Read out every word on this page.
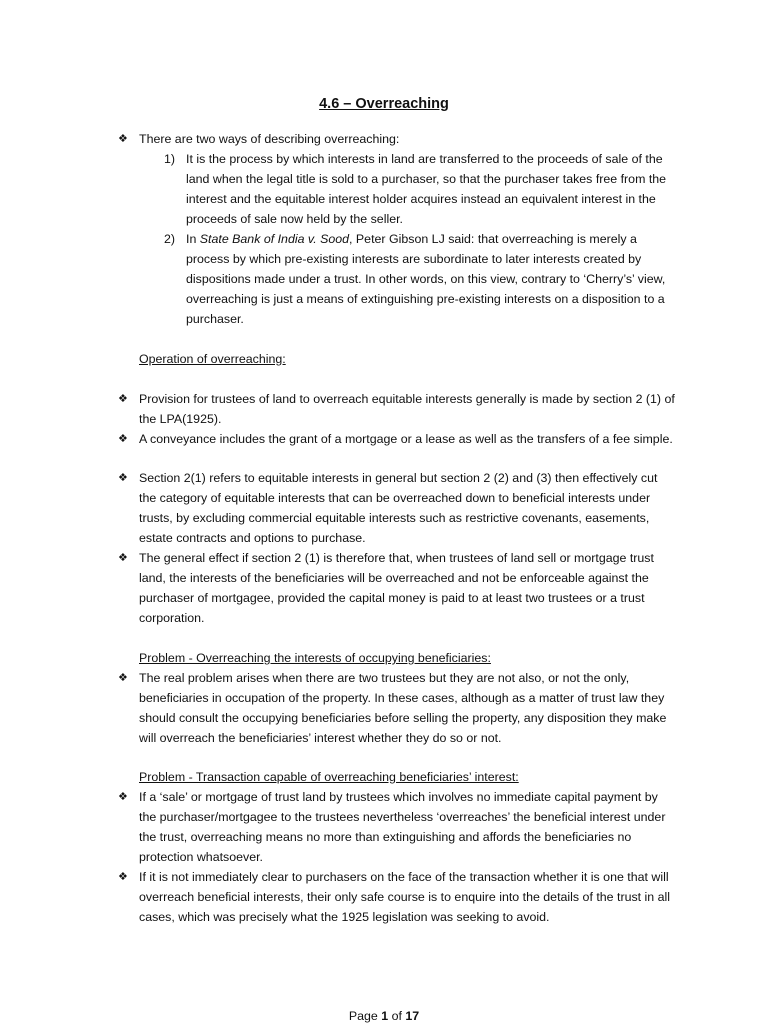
4.6 – Overreaching
❖ There are two ways of describing overreaching:
1) It is the process by which interests in land are transferred to the proceeds of sale of the land when the legal title is sold to a purchaser, so that the purchaser takes free from the interest and the equitable interest holder acquires instead an equivalent interest in the proceeds of sale now held by the seller.
2) In State Bank of India v. Sood, Peter Gibson LJ said: that overreaching is merely a process by which pre-existing interests are subordinate to later interests created by dispositions made under a trust. In other words, on this view, contrary to ‘Cherry’s’ view, overreaching is just a means of extinguishing pre-existing interests on a disposition to a purchaser.
Operation of overreaching:
❖ Provision for trustees of land to overreach equitable interests generally is made by section 2 (1) of the LPA(1925).
❖ A conveyance includes the grant of a mortgage or a lease as well as the transfers of a fee simple.
❖ Section 2(1) refers to equitable interests in general but section 2 (2) and (3) then effectively cut the category of equitable interests that can be overreached down to beneficial interests under trusts, by excluding commercial equitable interests such as restrictive covenants, easements, estate contracts and options to purchase.
❖ The general effect if section 2 (1) is therefore that, when trustees of land sell or mortgage trust land, the interests of the beneficiaries will be overreached and not be enforceable against the purchaser of mortgagee, provided the capital money is paid to at least two trustees or a trust corporation.
Problem - Overreaching the interests of occupying beneficiaries:
❖ The real problem arises when there are two trustees but they are not also, or not the only, beneficiaries in occupation of the property. In these cases, although as a matter of trust law they should consult the occupying beneficiaries before selling the property, any disposition they make will overreach the beneficiaries’ interest whether they do so or not.
Problem - Transaction capable of overreaching beneficiaries’ interest:
❖ If a ‘sale’ or mortgage of trust land by trustees which involves no immediate capital payment by the purchaser/mortgagee to the trustees nevertheless ‘overreaches’ the beneficial interest under the trust, overreaching means no more than extinguishing and affords the beneficiaries no protection whatsoever.
❖ If it is not immediately clear to purchasers on the face of the transaction whether it is one that will overreach beneficial interests, their only safe course is to enquire into the details of the trust in all cases, which was precisely what the 1925 legislation was seeking to avoid.
Page 1 of 17
